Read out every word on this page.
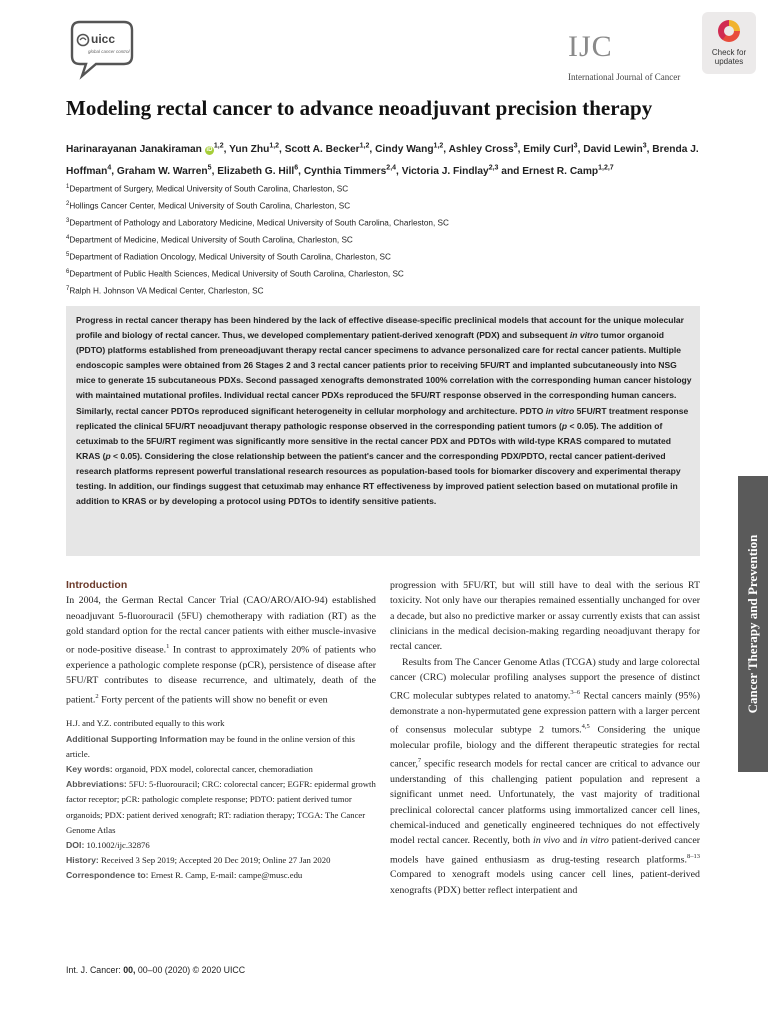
uicc
global cancer control	IJC
International Journal of Cancer
Check for updates
Modeling rectal cancer to advance neoadjuvant precision therapy
Harinarayanan Janakiraman iD$^{1,2}$, Yun Zhu$^{1,2}$, Scott A. Becker$^{1,2}$, Cindy Wang$^{1,2}$, Ashley Cross$^3$, Emily Curl$^3$, David Lewin$^3$, Brenda J. Hoffman$^4$, Graham W. Warren$^5$, Elizabeth G. Hill$^6$, Cynthia Timmers$^{2,4}$, Victoria J. Findlay$^{2,3}$ and Ernest R. Camp$^{1,2,7}$
$^1$Department of Surgery, Medical University of South Carolina, Charleston, SC
$^2$Hollings Cancer Center, Medical University of South Carolina, Charleston, SC
$^3$Department of Pathology and Laboratory Medicine, Medical University of South Carolina, Charleston, SC
$^4$Department of Medicine, Medical University of South Carolina, Charleston, SC
$^5$Department of Radiation Oncology, Medical University of South Carolina, Charleston, SC
$^6$Department of Public Health Sciences, Medical University of South Carolina, Charleston, SC
$^7$Ralph H. Johnson VA Medical Center, Charleston, SC
Progress in rectal cancer therapy has been hindered by the lack of effective disease-specific preclinical models that account for the unique molecular profile and biology of rectal cancer. Thus, we developed complementary patient-derived xenograft (PDX) and subsequent in vitro tumor organoid (PDTO) platforms established from preneoadjuvant therapy rectal cancer specimens to advance personalized care for rectal cancer patients. Multiple endoscopic samples were obtained from 26 Stages 2 and 3 rectal cancer patients prior to receiving 5FU/RT and implanted subcutaneously into NSG mice to generate 15 subcutaneous PDXs. Second passaged xenografts demonstrated 100% correlation with the corresponding human cancer histology with maintained mutational profiles. Individual rectal cancer PDXs reproduced the 5FU/RT response observed in the corresponding human cancers. Similarly, rectal cancer PDTOs reproduced significant heterogeneity in cellular morphology and architecture. PDTO in vitro 5FU/RT treatment response replicated the clinical 5FU/RT neoadjuvant therapy pathologic response observed in the corresponding patient tumors (p < 0.05). The addition of cetuximab to the 5FU/RT regiment was significantly more sensitive in the rectal cancer PDX and PDTOs with wild-type KRAS compared to mutated KRAS (p < 0.05). Considering the close relationship between the patient's cancer and the corresponding PDX/PDTO, rectal cancer patient-derived research platforms represent powerful translational research resources as population-based tools for biomarker discovery and experimental therapy testing. In addition, our findings suggest that cetuximab may enhance RT effectiveness by improved patient selection based on mutational profile in addition to KRAS or by developing a protocol using PDTOs to identify sensitive patients.
Cancer Therapy and Prevention
Introduction

In 2004, the German Rectal Cancer Trial (CAO/ARO/AIO-94) established neoadjuvant 5-fluorouracil (5FU) chemotherapy with radiation (RT) as the gold standard option for the rectal cancer patients with either muscle-invasive or node-positive disease.$^1$ In contrast to approximately 20% of patients who experience a pathologic complete response (pCR), persistence of disease after 5FU/RT contributes to disease recurrence, and ultimately, death of the patient.$^2$ Forty percent of the patients will show no benefit or even

H.J. and Y.Z. contributed equally to this work
Additional Supporting Information may be found in the online version of this article.
Key words: organoid, PDX model, colorectal cancer, chemoradiation
Abbreviations: 5FU: 5-fluorouracil; CRC: colorectal cancer; EGFR: epidermal growth factor receptor; pCR: pathologic complete response; PDTO: patient derived tumor organoids; PDX: patient derived xenograft; RT: radiation therapy; TCGA: The Cancer Genome Atlas
DOI: 10.1002/ijc.32876
History: Received 3 Sep 2019; Accepted 20 Dec 2019; Online 27 Jan 2020
Correspondence to: Ernest R. Camp, E-mail: campe@musc.edu

progression with 5FU/RT, but will still have to deal with the serious RT toxicity. Not only have our therapies remained essentially unchanged for over a decade, but also no predictive marker or assay currently exists that can assist clinicians in the medical decision-making regarding neoadjuvant therapy for rectal cancer.

Results from The Cancer Genome Atlas (TCGA) study and large colorectal cancer (CRC) molecular profiling analyses support the presence of distinct CRC molecular subtypes related to anatomy.$^{3-6}$ Rectal cancers mainly (95%) demonstrate a non-hypermutated gene expression pattern with a larger percent of consensus molecular subtype 2 tumors.$^{4,5}$ Considering the unique molecular profile, biology and the different therapeutic strategies for rectal cancer,$^7$ specific research models for rectal cancer are critical to advance our understanding of this challenging patient population and represent a significant unmet need. Unfortunately, the vast majority of traditional preclinical colorectal cancer platforms using immortalized cancer cell lines, chemical-induced and genetically engineered techniques do not effectively model rectal cancer. Recently, both in vivo and in vitro patient-derived cancer models have gained enthusiasm as drug-testing research platforms.$^{8-13}$ Compared to xenograft models using cancer cell lines, patient-derived xenografts (PDX) better reflect interpatient and

Int. J. Cancer: 00, 00–00 (2020) © 2020 UICC
